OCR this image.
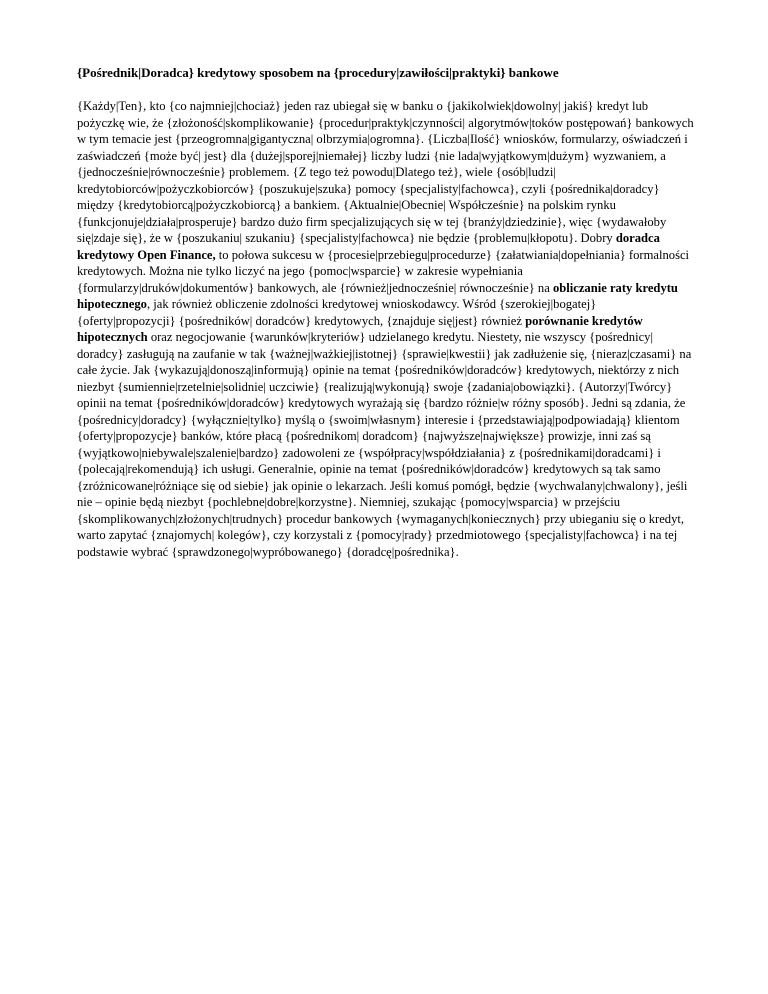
{Pośrednik|Doradca} kredytowy sposobem na {procedury|zawiłości|praktyki} bankowe

{Każdy|Ten}, kto {co najmniej|chociaż} jeden raz ubiegał się w banku o {jakikolwiek|dowolny| jakiś} kredyt lub pożyczkę wie, że {złożoność|skomplikowanie} {procedur|praktyk|czynności| algorytmów|toków postępowań} bankowych w tym temacie jest {przeogromna|gigantyczna| olbrzymia|ogromna}. {Liczba|Ilość} wniosków, formularzy, oświadczeń i zaświadczeń {może być| jest} dla {dużej|sporej|niemałej} liczby ludzi {nie lada|wyjątkowym|dużym} wyzwaniem, a {jednocześnie|równocześnie} problemem. {Z tego też powodu|Dlatego też}, wiele {osób|ludzi| kredytobiorców|pożyczkobiorców} {poszukuje|szuka} pomocy {specjalisty|fachowca}, czyli {pośrednika|doradcy} między {kredytobiorcą|pożyczkobiorcą} a bankiem. {Aktualnie|Obecnie| Współcześnie} na polskim rynku {funkcjonuje|działa|prosperuje} bardzo dużo firm specjalizujących się w tej {branży|dziedzinie}, więc {wydawałoby się|zdaje się}, że w {poszukaniu| szukaniu} {specjalisty|fachowca} nie będzie {problemu|kłopotu}. Dobry doradca kredytowy Open Finance, to połowa sukcesu w {procesie|przebiegu|procedurze} {załatwiania|dopełniania} formalności kredytowych. Można nie tylko liczyć na jego {pomoc|wsparcie} w zakresie wypełniania {formularzy|druków|dokumentów} bankowych, ale {również|jednocześnie| równocześnie} na obliczanie raty kredytu hipotecznego, jak również obliczenie zdolności kredytowej wnioskodawcy. Wśród {szerokiej|bogatej} {oferty|propozycji} {pośredników| doradców} kredytowych, {znajduje się|jest} również porównanie kredytów hipotecznych oraz negocjowanie {warunków|kryteriów} udzielanego kredytu. Niestety, nie wszyscy {pośrednicy| doradcy} zasługują na zaufanie w tak {ważnej|ważkiej|istotnej} {sprawie|kwestii} jak zadłużenie się, {nieraz|czasami} na całe życie. Jak {wykazują|donoszą|informują} opinie na temat {pośredników|doradców} kredytowych, niektórzy z nich niezbyt {sumiennie|rzetelnie|solidnie| uczciwie} {realizują|wykonują} swoje {zadania|obowiązki}. {Autorzy|Twórcy} opinii na temat {pośredników|doradców} kredytowych wyrażają się {bardzo różnie|w różny sposób}. Jedni są zdania, że {pośrednicy|doradcy} {wyłącznie|tylko} myślą o {swoim|własnym} interesie i {przedstawiają|podpowiadają} klientom {oferty|propozycje} banków, które płacą {pośrednikom| doradcom} {najwyższe|największe} prowizje, inni zaś są {wyjątkowo|niebywale|szalenie|bardzo} zadowoleni ze {współpracy|współdziałania} z {pośrednikami|doradcami} i {polecają|rekomendują} ich usługi. Generalnie, opinie na temat {pośredników|doradców} kredytowych są tak samo {zróżnicowane|różniące się od siebie} jak opinie o lekarzach. Jeśli komuś pomógł, będzie {wychwalany|chwalony}, jeśli nie – opinie będą niezbyt {pochlebne|dobre|korzystne}. Niemniej, szukając {pomocy|wsparcia} w przejściu {skomplikowanych|złożonych|trudnych} procedur bankowych {wymaganych|koniecznych} przy ubieganiu się o kredyt, warto zapytać {znajomych| kolegów}, czy korzystali z {pomocy|rady} przedmiotowego {specjalisty|fachowca} i na tej podstawie wybrać {sprawdzonego|wypróbowanego} {doradcę|pośrednika}.
